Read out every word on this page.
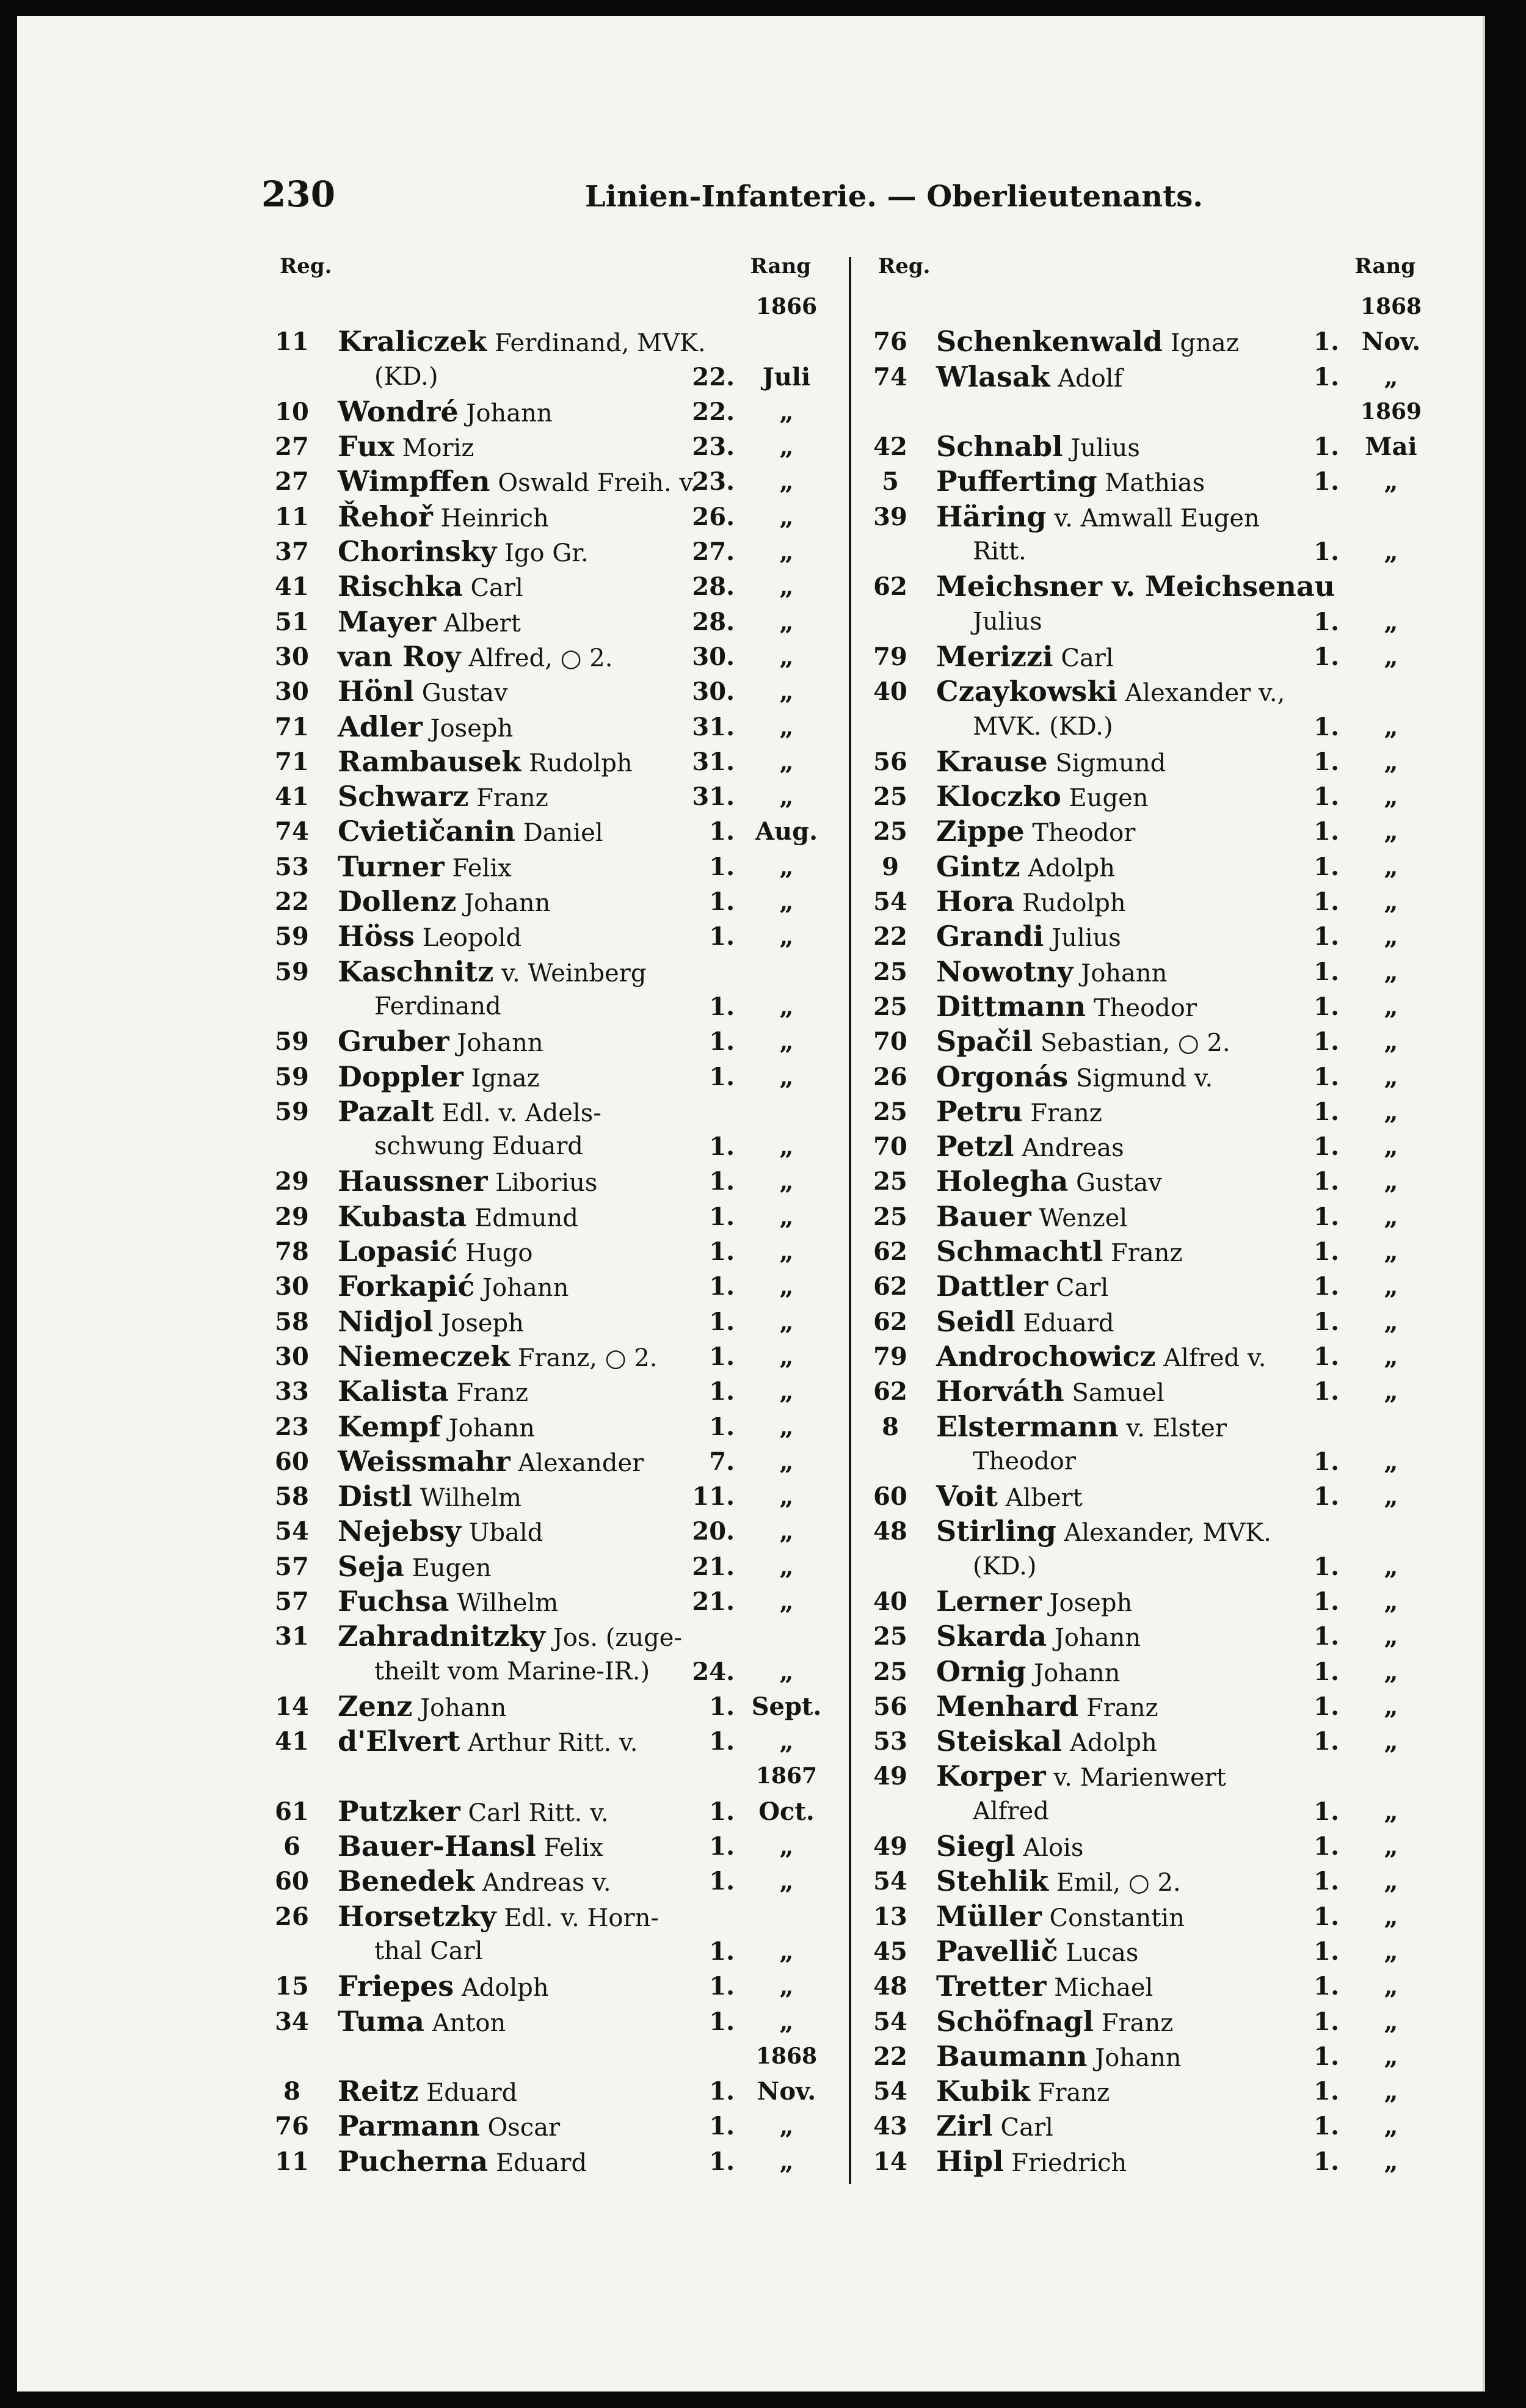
230	Linien-Infanterie. — Oberlieutenants.
Reg.	Rang
1866
11 Kraliczek Ferdinand, MVK.
(KD.)	22.	Juli
10 Wondré Johann	22.	„
27 Fux Moriz	23.	„
27 Wimpffen Oswald Freih. v.
23.	„
11 Řehoř Heinrich	26.	„
37 Chorinsky Igo Gr.	27.	„
41 Rischka Carl	28.	„
51 Mayer Albert	28.	„
30 van Roy Alfred, ○ 2.	30.	„
30 Hönl Gustav	30.	„
71 Adler Joseph	31.	„
71 Rambausek Rudolph	31.	„
41 Schwarz Franz	31.	„
74 Cvietičanin Daniel	1. Aug.
53 Turner Felix	1.	„
22 Dollenz Johann	1.	„
59 Höss Leopold	1.	„
59 Kaschnitz v. Weinberg
Ferdinand	1.	„
59 Gruber Johann	1.	„
59 Doppler Ignaz	1.	„
59 Pazalt Edl. v. Adels-
schwung Eduard	1.	„
29 Haussner Liborius	1.	„
29 Kubasta Edmund	1.	„
78 Lopasić Hugo	1.	„
30 Forkapić Johann	1.	„
58 Nidjol Joseph	1.	„
30 Niemeczek Franz, ○ 2.	1.	„
33 Kalista Franz	1.	„
23 Kempf Johann	1.	„
60 Weissmahr Alexander	7.	„
58 Distl Wilhelm	11.	„
54 Nejebsy Ubald	20.	„
57 Seja Eugen	21.	„
57 Fuchsa Wilhelm	21.	„
31 Zahradnitzky Jos. (zuge-
theilt vom Marine-IR.)	24.	„
14 Zenz Johann	1. Sept.
41 d'Elvert Arthur Ritt. v.	1.	„
1867
61 Putzker Carl Ritt. v.	1. Oct.
6	Bauer-Hansl Felix	1.	„
60 Benedek Andreas v.	1.	„
26 Horsetzky Edl. v. Horn-
thal Carl	1.	„
15 Friepes Adolph	1.	„
34 Tuma Anton	1.	„
1868
8	Reitz Eduard	1. Nov.
76 Parmann Oscar	1.	„
11 Pucherna Eduard	1.	„
Reg.	Rang
1868
76 Schenkenwald Ignaz	1. Nov.
74 Wlasak Adolf	1.	„
1869
42 Schnabl Julius	1.	Mai
5	Pufferting Mathias	1.	„
39 Häring v. Amwall Eugen
Ritt.	1.	„
62 Meichsner v. Meichsenau
Julius	1.	„
79 Merizzi Carl	1.	„
40 Czaykowski Alexander v.,
MVK. (KD.)	1.	„
56 Krause Sigmund	1.	„
25 Kloczko Eugen	1.	„
25 Zippe Theodor	1.	„
9	Gintz Adolph	1.	„
54 Hora Rudolph	1.	„
22 Grandi Julius	1.	„
25 Nowotny Johann	1.	„
25 Dittmann Theodor	1.	„
70 Spačil Sebastian, ○ 2.	1.	„
26 Orgonás Sigmund v.	1.	„
25 Petru Franz	1.	„
70 Petzl Andreas	1.	„
25 Holegha Gustav	1.	„
25 Bauer Wenzel	1.	„
62 Schmachtl Franz	1.	„
62 Dattler Carl	1.	„
62 Seidl Eduard	1.	„
79 Androchowicz Alfred v.	1.	„
62 Horváth Samuel	1.	„
8	Elstermann v. Elster
Theodor	1.	„
60 Voit Albert	1.	„
48 Stirling Alexander, MVK.
(KD.)	1.	„
40 Lerner Joseph	1.	„
25 Skarda Johann	1.	„
25 Ornig Johann	1.	„
56 Menhard Franz	1.	„
53 Steiskal Adolph	1.	„
49 Korper v. Marienwert
Alfred	1.	„
49 Siegl Alois	1.	„
54 Stehlik Emil, ○ 2.	1.	„
13 Müller Constantin	1.	„
45 Pavellič Lucas	1.	„
48 Tretter Michael	1.	„
54 Schöfnagl Franz	1.	„
22 Baumann Johann	1.	„
54 Kubik Franz	1.	„
43 Zirl Carl	1.	„
14 Hipl Friedrich	1.	„
